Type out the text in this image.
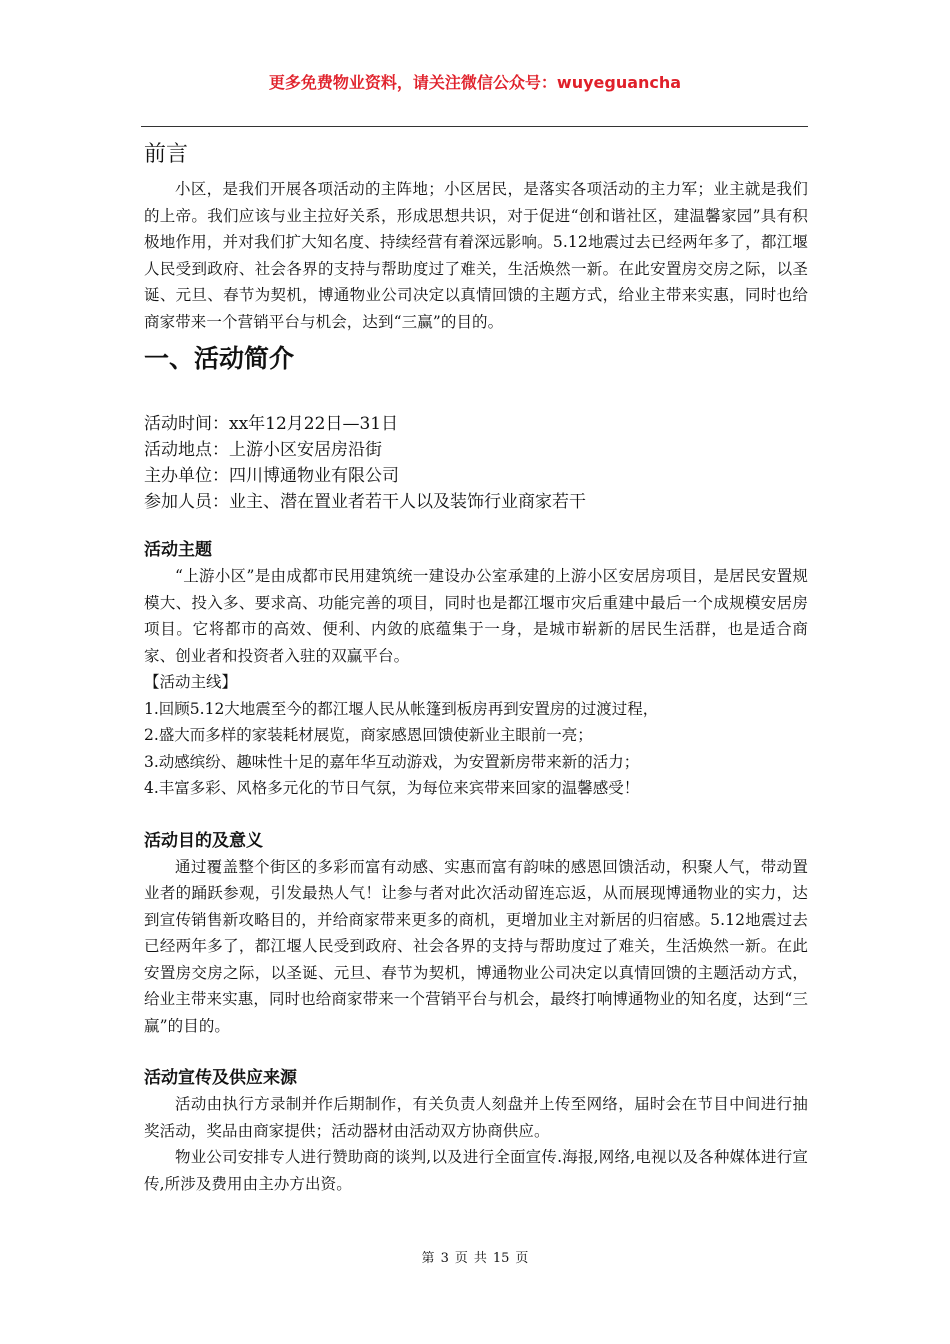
更多免费物业资料，请关注微信公众号：wuyeguancha
前言

小区，是我们开展各项活动的主阵地；小区居民，是落实各项活动的主力军；业主就是我们的上帝。我们应该与业主拉好关系，形成思想共识，对于促进“创和谐社区，建温馨家园”具有积极地作用，并对我们扩大知名度、持续经营有着深远影响。5.12地震过去已经两年多了，都江堰人民受到政府、社会各界的支持与帮助度过了难关，生活焕然一新。在此安置房交房之际，以圣诞、元旦、春节为契机，博通物业公司决定以真情回馈的主题方式，给业主带来实惠，同时也给商家带来一个营销平台与机会，达到“三赢”的目的。

一、活动简介

活动时间：xx年12月22日—31日

活动地点：上游小区安居房沿街

主办单位：四川博通物业有限公司

参加人员：业主、潜在置业者若干人以及装饰行业商家若干

活动主题

“上游小区”是由成都市民用建筑统一建设办公室承建的上游小区安居房项目，是居民安置规模大、投入多、要求高、功能完善的项目，同时也是都江堰市灾后重建中最后一个成规模安居房项目。它将都市的高效、便利、内敛的底蕴集于一身，是城市崭新的居民生活群，也是适合商家、创业者和投资者入驻的双赢平台。

【活动主线】

1.回顾5.12大地震至今的都江堰人民从帐篷到板房再到安置房的过渡过程，

2.盛大而多样的家装耗材展览，商家感恩回馈使新业主眼前一亮；

3.动感缤纷、趣味性十足的嘉年华互动游戏，为安置新房带来新的活力；

4.丰富多彩、风格多元化的节日气氛，为每位来宾带来回家的温馨感受！

活动目的及意义

通过覆盖整个街区的多彩而富有动感、实惠而富有韵味的感恩回馈活动，积聚人气，带动置业者的踊跃参观，引发最热人气！让参与者对此次活动留连忘返，从而展现博通物业的实力，达到宣传销售新攻略目的，并给商家带来更多的商机，更增加业主对新居的归宿感。5.12地震过去已经两年多了，都江堰人民受到政府、社会各界的支持与帮助度过了难关，生活焕然一新。在此安置房交房之际，以圣诞、元旦、春节为契机，博通物业公司决定以真情回馈的主题活动方式，给业主带来实惠，同时也给商家带来一个营销平台与机会，最终打响博通物业的知名度，达到“三赢”的目的。

活动宣传及供应来源

活动由执行方录制并作后期制作，有关负责人刻盘并上传至网络，届时会在节目中间进行抽奖活动，奖品由商家提供；活动器材由活动双方协商供应。

物业公司安排专人进行赞助商的谈判,以及进行全面宣传.海报,网络,电视以及各种媒体进行宣传,所涉及费用由主办方出资。

第 3 页 共 15 页
